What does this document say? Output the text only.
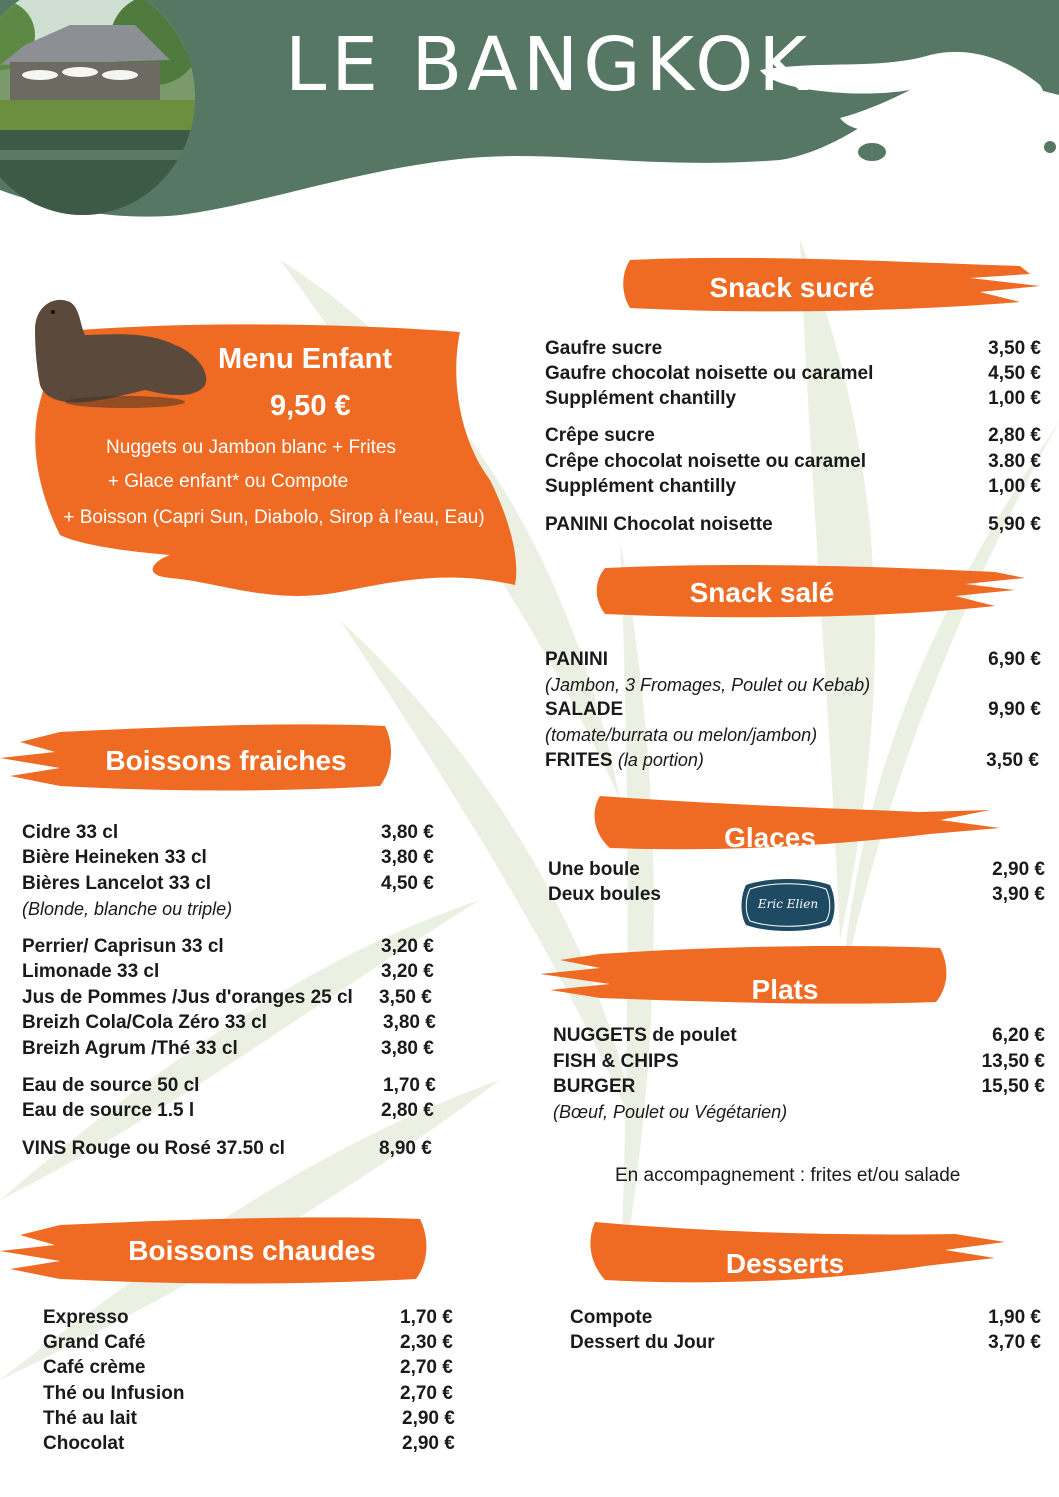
LE BANGKOK
Menu Enfant
9,50 €
Nuggets ou Jambon blanc + Frites
+ Glace enfant* ou Compote
+ Boisson (Capri Sun, Diabolo, Sirop à l'eau, Eau)
Snack sucré
Snack salé
Glaces
Plats
Desserts
Boissons fraiches
Boissons chaudes
Gaufre sucre	3,50 €
Gaufre chocolat noisette ou caramel	4,50 €
Supplément chantilly	1,00 €
Crêpe sucre	2,80 €
Crêpe chocolat noisette ou caramel	3.80 €
Supplément chantilly	1,00 €
PANINI Chocolat noisette	5,90 €
PANINI	6,90 €
(Jambon, 3 Fromages, Poulet ou Kebab)
SALADE	9,90 €
(tomate/burrata ou melon/jambon)
FRITES (la portion)	3,50 €
Une boule	2,90 €
Deux boules	3,90 €
Eric Elien
NUGGETS de poulet	6,20 €
FISH & CHIPS	13,50 €
BURGER	15,50 €
(Bœuf, Poulet ou Végétarien)
En accompagnement : frites et/ou salade
Compote	1,90 €
Dessert du Jour	3,70 €
Cidre 33 cl	3,80 €
Bière Heineken 33 cl	3,80 €
Bières Lancelot 33 cl	4,50 €
(Blonde, blanche ou triple)
Perrier/ Caprisun 33 cl	3,20 €
Limonade 33 cl	3,20 €
Jus de Pommes /Jus d'oranges 25 cl 3,50 €
Breizh Cola/Cola Zéro 33 cl	3,80 €
Breizh Agrum /Thé 33 cl	3,80 €
Eau de source 50 cl	1,70 €
Eau de source 1.5 l	2,80 €
VINS Rouge ou Rosé 37.50 cl	8,90 €
Expresso	1,70 €
Grand Café	2,30 €
Café crème	2,70 €
Thé ou Infusion	2,70 €
Thé au lait	2,90 €
Chocolat	2,90 €
